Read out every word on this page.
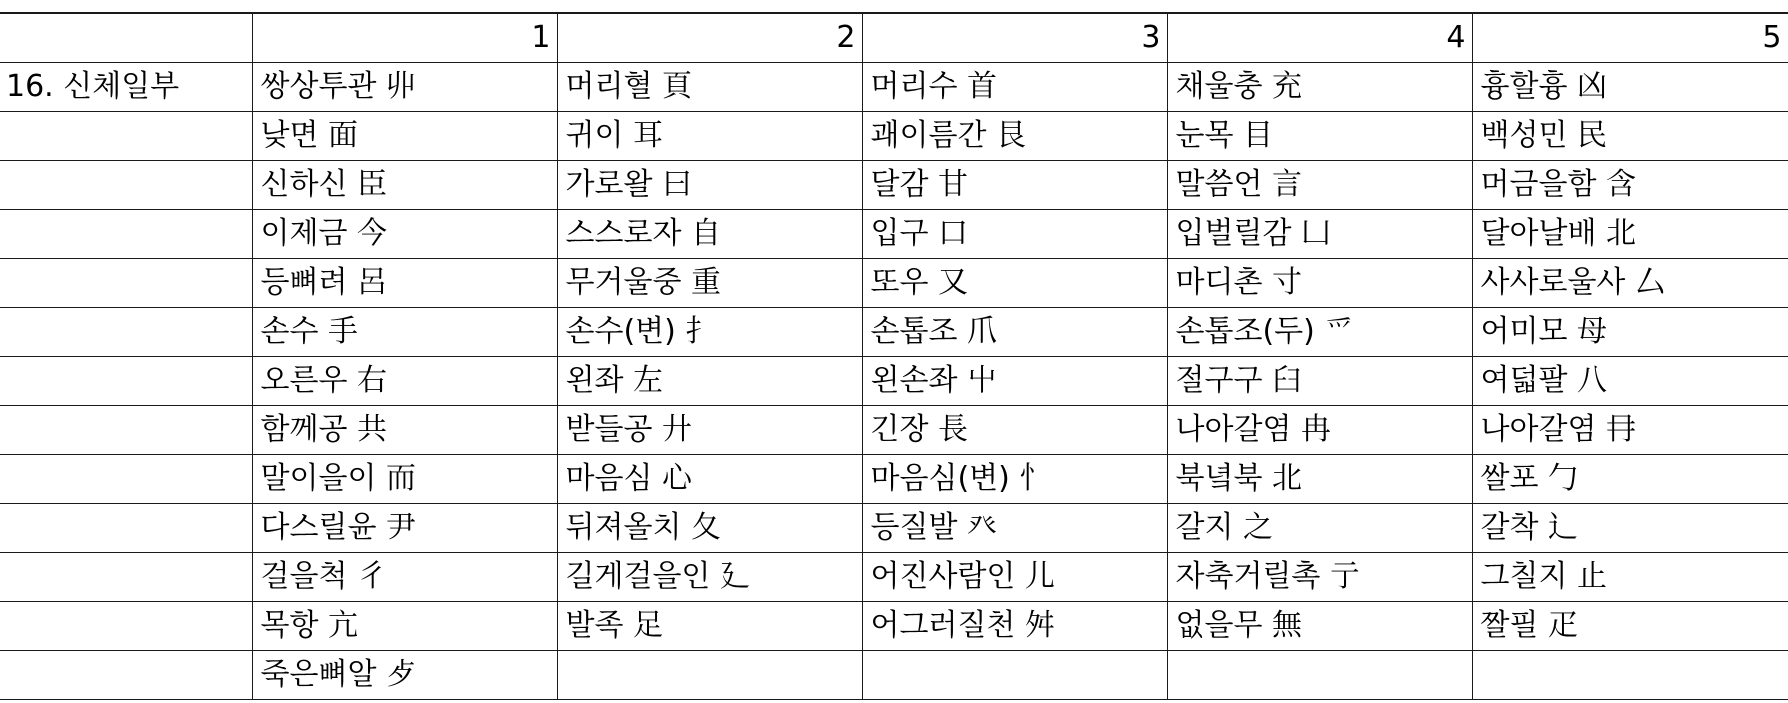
	1	2	3	4	5
16. 신체일부	쌍상투관 丱	머리혈 頁	머리수 首	채울충 充	흉할흉 凶
	낮면 面	귀이 耳	괘이름간 艮	눈목 目	백성민 民
	신하신 臣	가로왈 曰	달감 甘	말씀언 言	머금을함 含
	이제금 今	스스로자 自	입구 口	입벌릴감 凵	달아날배 北
	등뼈려 呂	무거울중 重	또우 又	마디촌 寸	사사로울사 厶
	손수 手	손수(변) 扌	손톱조 爪	손톱조(두) 爫	어미모 母
	오른우 右	왼좌 左	왼손좌 屮	절구구 臼	여덟팔 八
	함께공 共	받들공 廾	긴장 長	나아갈염 冉	나아갈염 冄
	말이을이 而	마음심 心	마음심(변) 忄	북녘북 北	쌀포 勹
	다스릴윤 尹	뒤져올치 夂	등질발 癶	갈지 之	갈착 辶
	걸을척 彳	길게걸을인 廴	어진사람인 儿	자축거릴촉 亍	그칠지 止
	목항 亢	발족 足	어그러질천 舛	없을무 無	짤필 疋
	죽은뼈알 歺				
